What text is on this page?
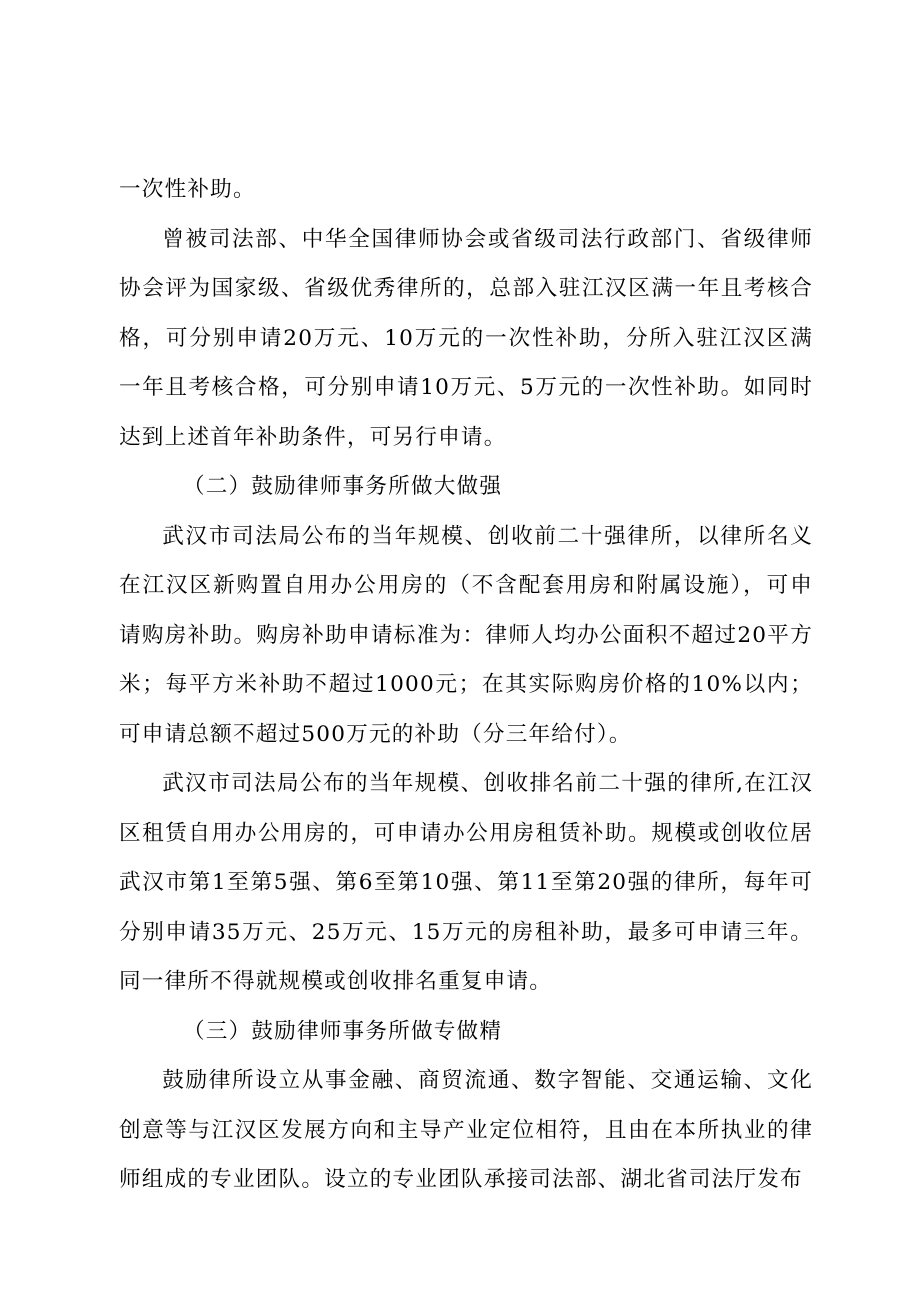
一次性补助。

曾被司法部、中华全国律师协会或省级司法行政部门、省级律师协会评为国家级、省级优秀律所的，总部入驻江汉区满一年且考核合格，可分别申请20万元、10万元的一次性补助，分所入驻江汉区满一年且考核合格，可分别申请10万元、5万元的一次性补助。如同时达到上述首年补助条件，可另行申请。

（二）鼓励律师事务所做大做强

武汉市司法局公布的当年规模、创收前二十强律所，以律所名义在江汉区新购置自用办公用房的（不含配套用房和附属设施），可申请购房补助。购房补助申请标准为：律师人均办公面积不超过20平方米；每平方米补助不超过1000元；在其实际购房价格的10%以内；可申请总额不超过500万元的补助（分三年给付）。

武汉市司法局公布的当年规模、创收排名前二十强的律所,在江汉区租赁自用办公用房的，可申请办公用房租赁补助。规模或创收位居武汉市第1至第5强、第6至第10强、第11至第20强的律所，每年可分别申请35万元、25万元、15万元的房租补助，最多可申请三年。同一律所不得就规模或创收排名重复申请。

（三）鼓励律师事务所做专做精

鼓励律所设立从事金融、商贸流通、数字智能、交通运输、文化创意等与江汉区发展方向和主导产业定位相符，且由在本所执业的律师组成的专业团队。设立的专业团队承接司法部、湖北省司法厅发布
